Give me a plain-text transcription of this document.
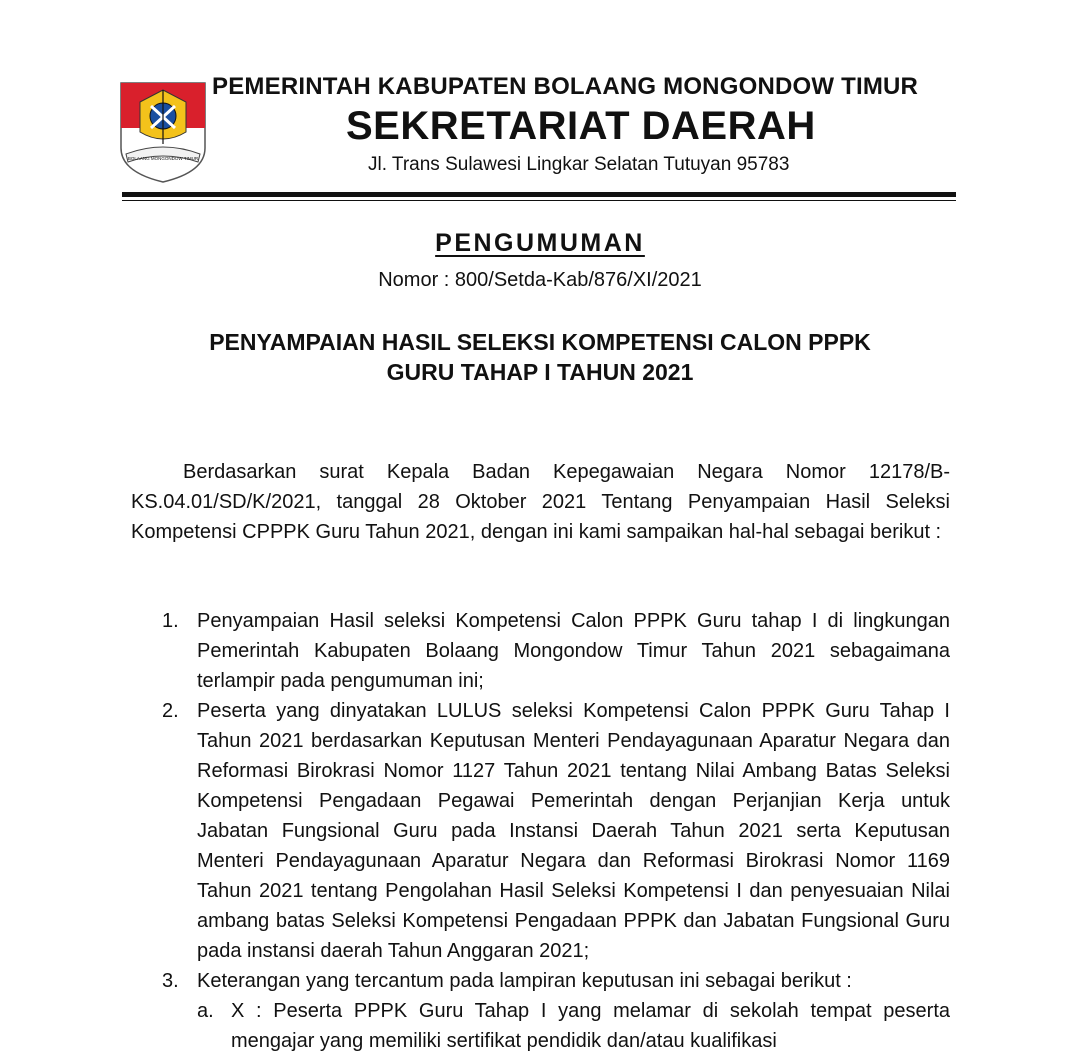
BOLAANG MONGONDOW TIMUR
PEMERINTAH KABUPATEN BOLAANG MONGONDOW TIMUR
SEKRETARIAT DAERAH
Jl. Trans Sulawesi Lingkar Selatan Tutuyan 95783
PENGUMUMAN
Nomor : 800/Setda-Kab/876/XI/2021
PENYAMPAIAN HASIL SELEKSI KOMPETENSI CALON PPPK
GURU TAHAP I TAHUN 2021
Berdasarkan surat Kepala Badan Kepegawaian Negara Nomor 12178/B-KS.04.01/SD/K/2021, tanggal 28 Oktober 2021 Tentang Penyampaian Hasil Seleksi Kompetensi CPPPK Guru Tahun 2021, dengan ini kami sampaikan hal-hal sebagai berikut :
1. Penyampaian Hasil seleksi Kompetensi Calon PPPK Guru tahap I di lingkungan Pemerintah Kabupaten Bolaang Mongondow Timur Tahun 2021 sebagaimana terlampir pada pengumuman ini;
2. Peserta yang dinyatakan LULUS seleksi Kompetensi Calon PPPK Guru Tahap I Tahun 2021 berdasarkan Keputusan Menteri Pendayagunaan Aparatur Negara dan Reformasi Birokrasi Nomor 1127 Tahun 2021 tentang Nilai Ambang Batas Seleksi Kompetensi Pengadaan Pegawai Pemerintah dengan Perjanjian Kerja untuk Jabatan Fungsional Guru pada Instansi Daerah Tahun 2021 serta Keputusan Menteri Pendayagunaan Aparatur Negara dan Reformasi Birokrasi Nomor 1169 Tahun 2021 tentang Pengolahan Hasil Seleksi Kompetensi I dan penyesuaian Nilai ambang batas Seleksi Kompetensi Pengadaan PPPK dan Jabatan Fungsional Guru pada instansi daerah Tahun Anggaran 2021;
3. Keterangan yang tercantum pada lampiran keputusan ini sebagai berikut :
a. X : Peserta PPPK Guru Tahap I yang melamar di sekolah tempat peserta mengajar yang memiliki sertifikat pendidik dan/atau kualifikasi
